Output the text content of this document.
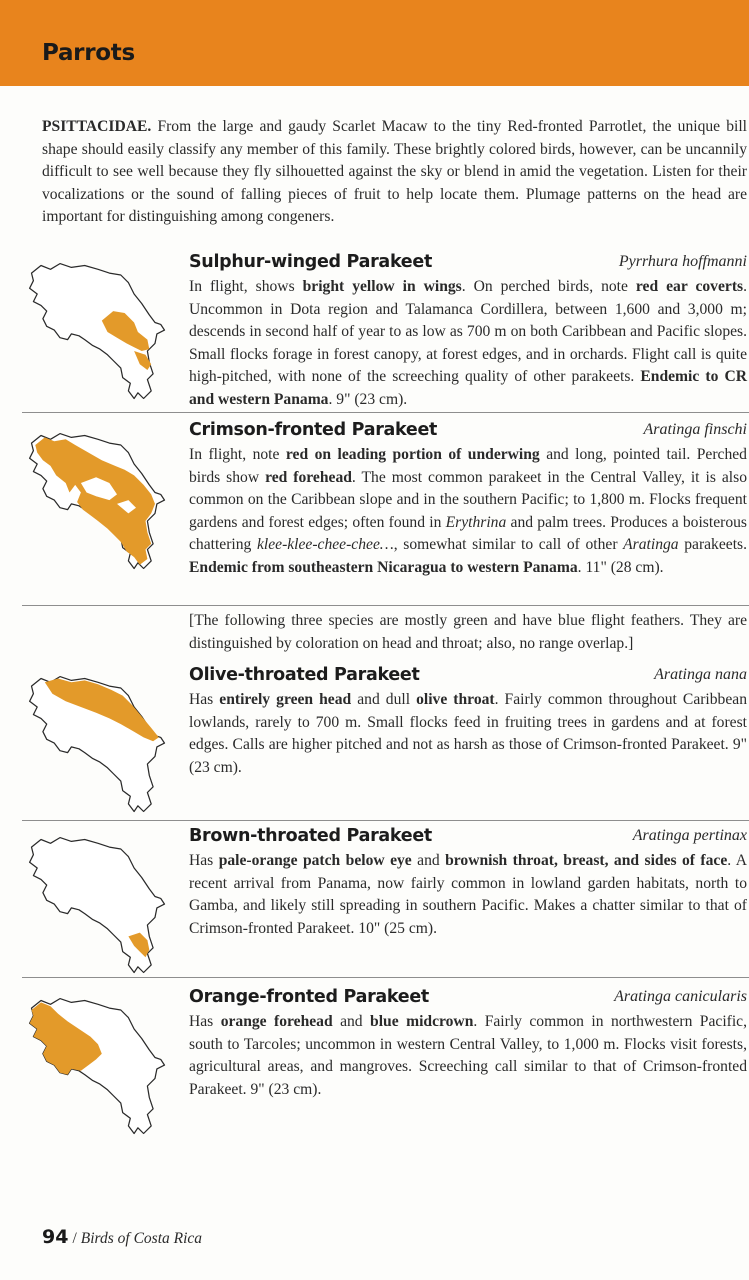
Parrots

PSITTACIDAE. From the large and gaudy Scarlet Macaw to the tiny Red-fronted Parrotlet, the unique bill shape should easily classify any member of this family. These brightly colored birds, however, can be uncannily difficult to see well because they fly silhouetted against the sky or blend in amid the vegetation. Listen for their vocalizations or the sound of falling pieces of fruit to help locate them. Plumage patterns on the head are important for distinguishing among congeners.

Sulphur-winged Parakeet	Pyrrhura hoffmanni

In flight, shows bright yellow in wings. On perched birds, note red ear coverts. Uncommon in Dota region and Talamanca Cordillera, between 1,600 and 3,000 m; descends in second half of year to as low as 700 m on both Caribbean and Pacific slopes. Small flocks forage in forest canopy, at forest edges, and in orchards. Flight call is quite high-pitched, with none of the screeching quality of other parakeets. Endemic to CR and western Panama. 9" (23 cm).

Crimson-fronted Parakeet	Aratinga finschi

In flight, note red on leading portion of underwing and long, pointed tail. Perched birds show red forehead. The most common parakeet in the Central Valley, it is also common on the Caribbean slope and in the southern Pacific; to 1,800 m. Flocks frequent gardens and forest edges; often found in Erythrina and palm trees. Produces a boisterous chattering klee-klee-chee-chee…, somewhat similar to call of other Aratinga parakeets. Endemic from southeastern Nicaragua to western Panama. 11" (28 cm).

[The following three species are mostly green and have blue flight feathers. They are distinguished by coloration on head and throat; also, no range overlap.]

Olive-throated Parakeet	Aratinga nana

Has entirely green head and dull olive throat. Fairly common throughout Caribbean lowlands, rarely to 700 m. Small flocks feed in fruiting trees in gardens and at forest edges. Calls are higher pitched and not as harsh as those of Crimson-fronted Parakeet. 9" (23 cm).

Brown-throated Parakeet	Aratinga pertinax

Has pale-orange patch below eye and brownish throat, breast, and sides of face. A recent arrival from Panama, now fairly common in lowland garden habitats, north to Gamba, and likely still spreading in southern Pacific. Makes a chatter similar to that of Crimson-fronted Parakeet. 10" (25 cm).

Orange-fronted Parakeet	Aratinga canicularis

Has orange forehead and blue midcrown. Fairly common in northwestern Pacific, south to Tarcoles; uncommon in western Central Valley, to 1,000 m. Flocks visit forests, agricultural areas, and mangroves. Screeching call similar to that of Crimson-fronted Parakeet. 9" (23 cm).

94 / Birds of Costa Rica
